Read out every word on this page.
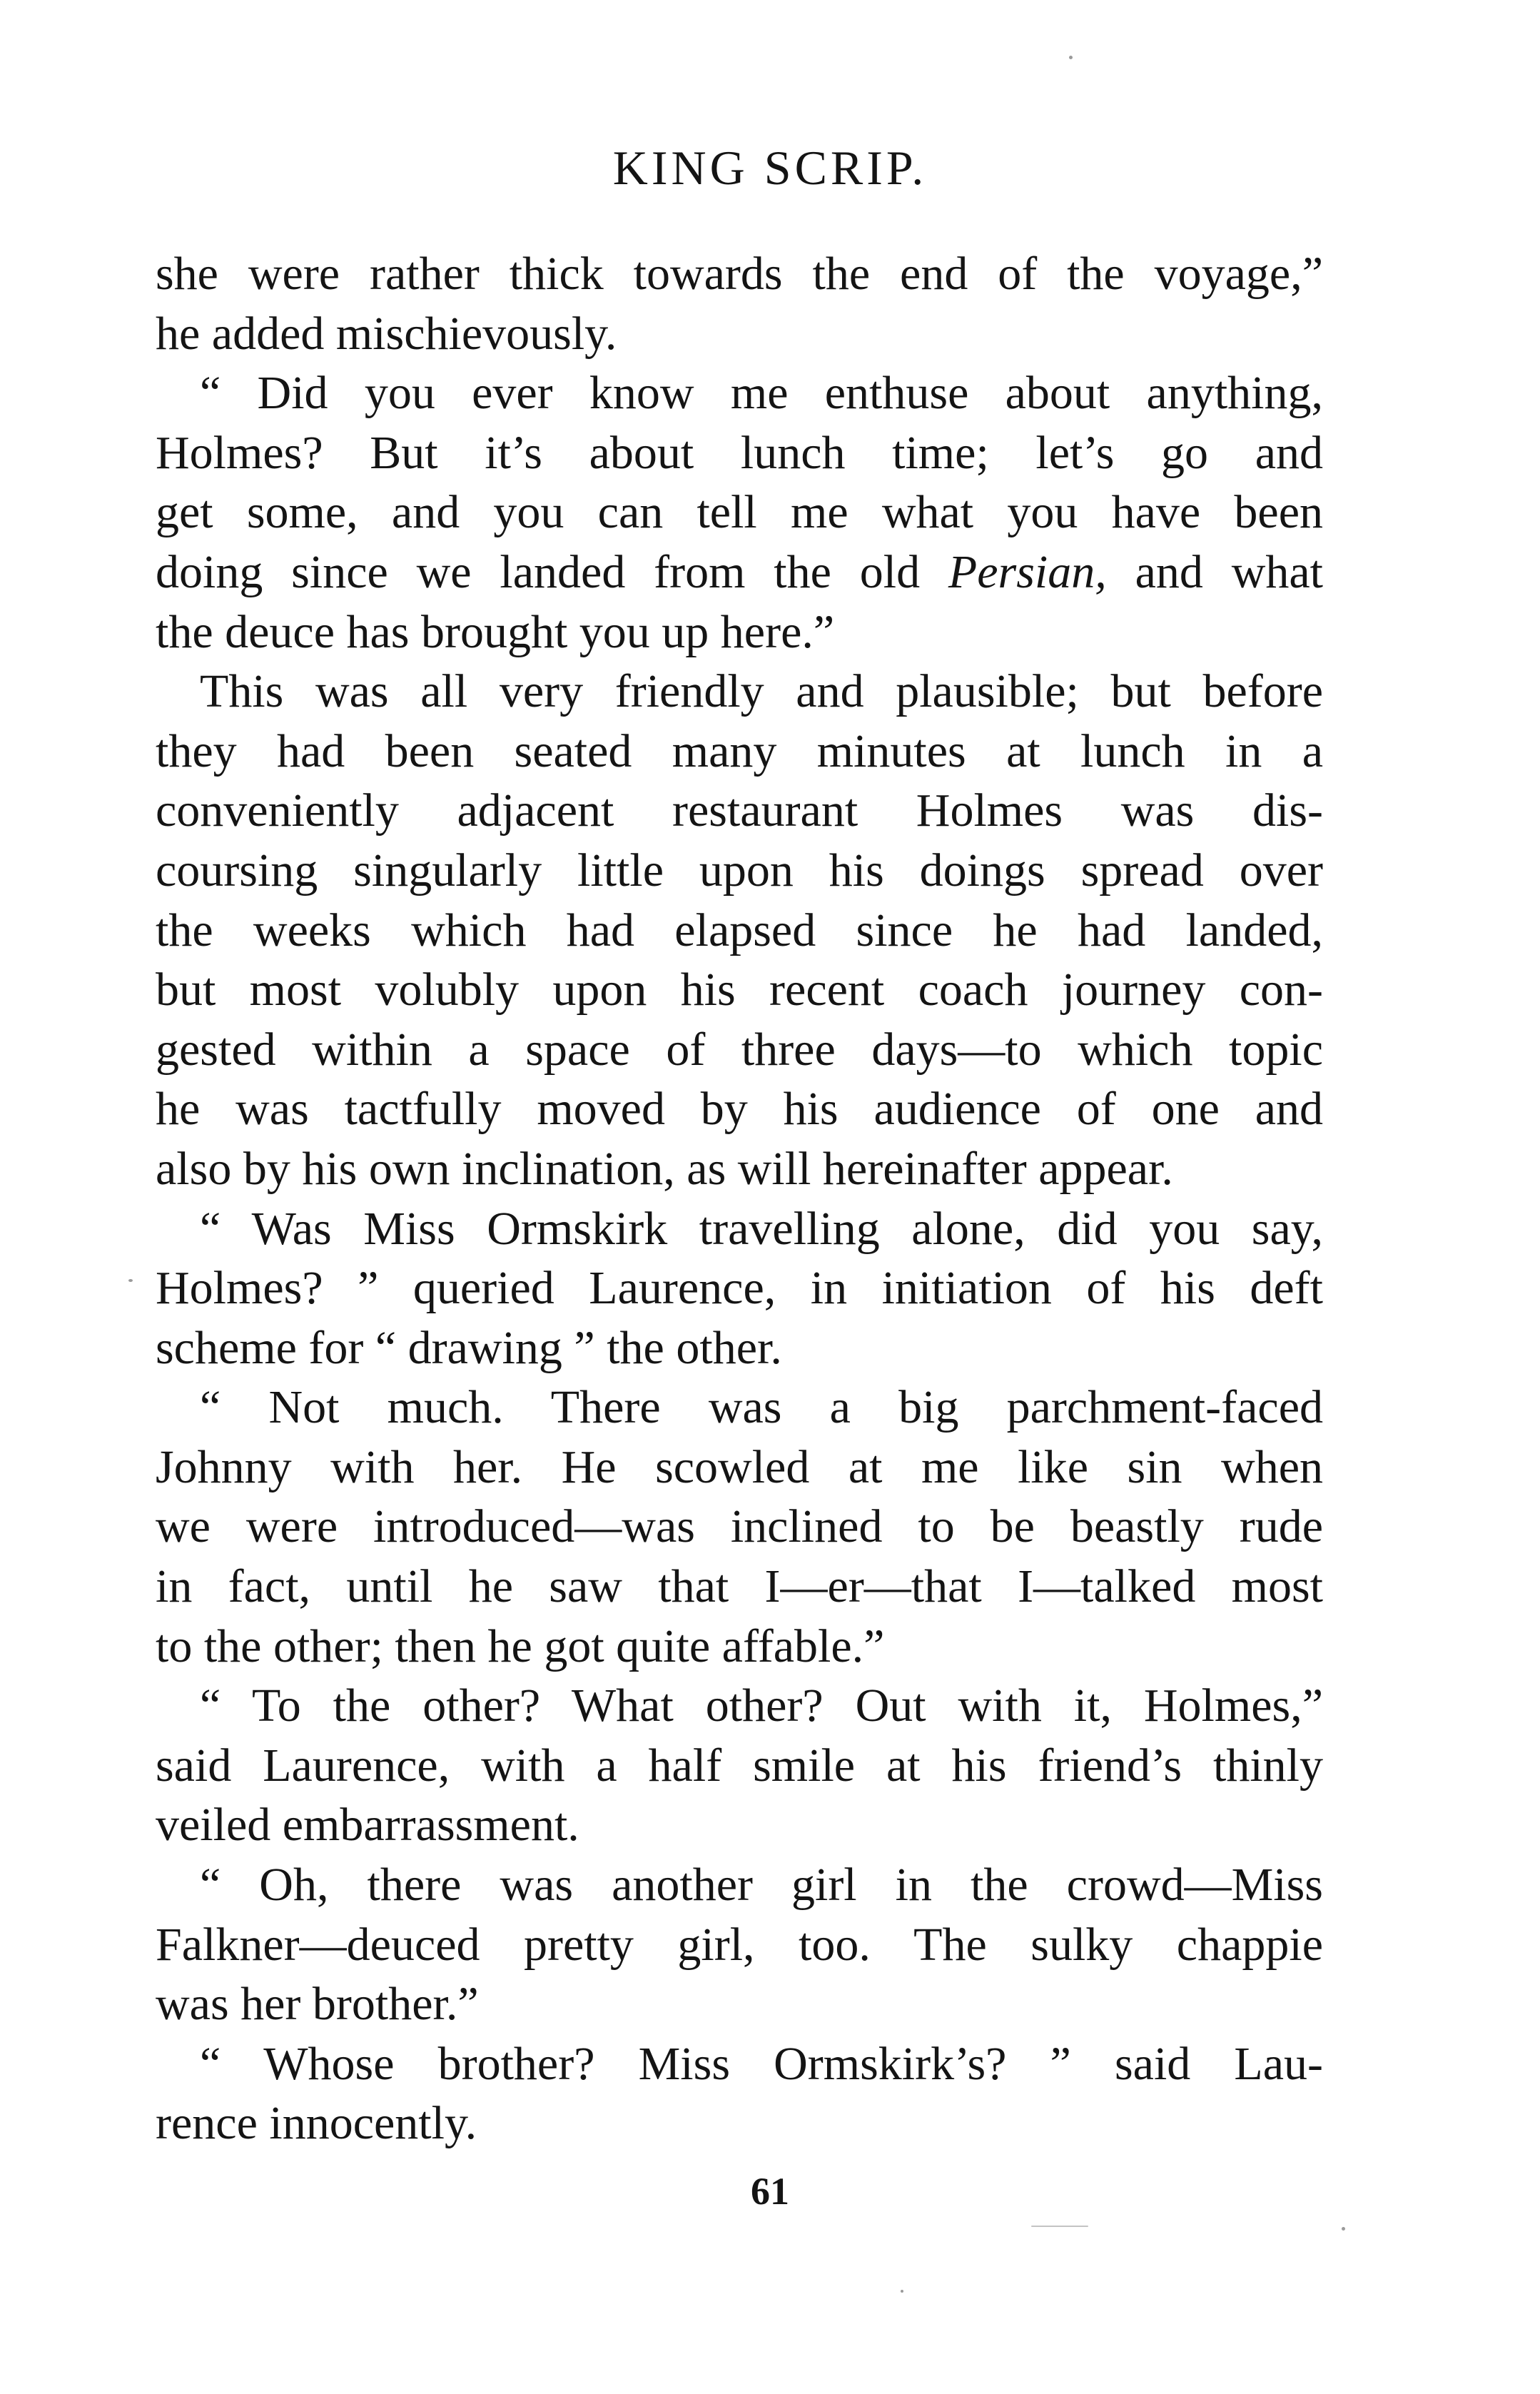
KING SCRIP.
she were rather thick towards the end of the voyage,”
he added mischievously.
“ Did you ever know me enthuse about anything,
Holmes? But it’s about lunch time; let’s go and
get some, and you can tell me what you have been
doing since we landed from the old Persian, and what
the deuce has brought you up here.”
This was all very friendly and plausible; but before
they had been seated many minutes at lunch in a
conveniently adjacent restaurant Holmes was dis-
coursing singularly little upon his doings spread over
the weeks which had elapsed since he had landed,
but most volubly upon his recent coach journey con-
gested within a space of three days—to which topic
he was tactfully moved by his audience of one and
also by his own inclination, as will hereinafter appear.
“ Was Miss Ormskirk travelling alone, did you say,
Holmes? ” queried Laurence, in initiation of his deft
scheme for “ drawing ” the other.
“ Not much. There was a big parchment-faced
Johnny with her. He scowled at me like sin when
we were introduced—was inclined to be beastly rude
in fact, until he saw that I—er—that I—talked most
to the other; then he got quite affable.”
“ To the other? What other? Out with it, Holmes,”
said Laurence, with a half smile at his friend’s thinly
veiled embarrassment.
“ Oh, there was another girl in the crowd—Miss
Falkner—deuced pretty girl, too. The sulky chappie
was her brother.”
“ Whose brother? Miss Ormskirk’s? ” said Lau-
rence innocently.
61
